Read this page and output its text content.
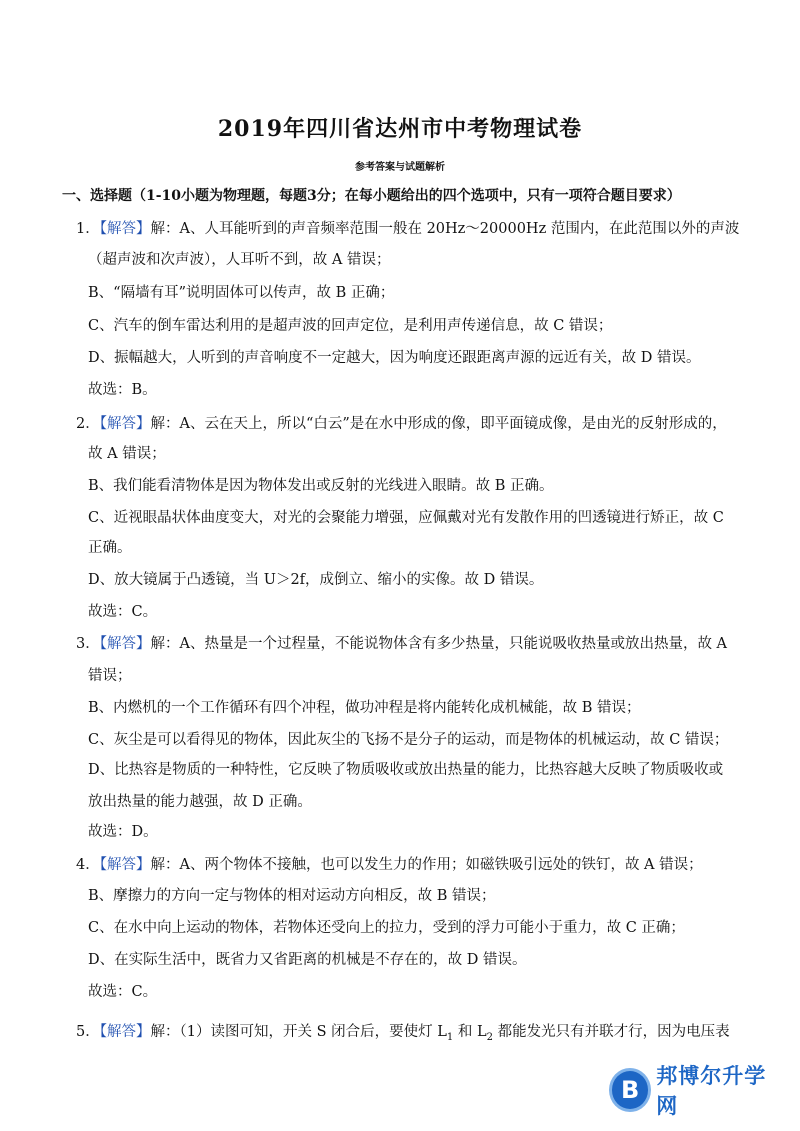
2019年四川省达州市中考物理试卷
参考答案与试题解析
一、选择题（1-10小题为物理题，每题3分；在每小题给出的四个选项中，只有一项符合题目要求）
1．【解答】解：A、人耳能听到的声音频率范围一般在 20Hz～20000Hz 范围内，在此范围以外的声波
（超声波和次声波），人耳听不到，故 A 错误；
B、“隔墙有耳”说明固体可以传声，故 B 正确；
C、汽车的倒车雷达利用的是超声波的回声定位，是利用声传递信息，故 C 错误；
D、振幅越大，人听到的声音响度不一定越大，因为响度还跟距离声源的远近有关，故 D 错误。
故选：B。
2．【解答】解：A、云在天上，所以“白云”是在水中形成的像，即平面镜成像，是由光的反射形成的，
故 A 错误；
B、我们能看清物体是因为物体发出或反射的光线进入眼睛。故 B 正确。
C、近视眼晶状体曲度变大，对光的会聚能力增强，应佩戴对光有发散作用的凹透镜进行矫正，故 C
正确。
D、放大镜属于凸透镜，当 U＞2f，成倒立、缩小的实像。故 D 错误。
故选：C。
3．【解答】解：A、热量是一个过程量，不能说物体含有多少热量，只能说吸收热量或放出热量，故 A
错误；
B、内燃机的一个工作循环有四个冲程，做功冲程是将内能转化成机械能，故 B 错误；
C、灰尘是可以看得见的物体，因此灰尘的飞扬不是分子的运动，而是物体的机械运动，故 C 错误；
D、比热容是物质的一种特性，它反映了物质吸收或放出热量的能力，比热容越大反映了物质吸收或
放出热量的能力越强，故 D 正确。
故选：D。
4．【解答】解：A、两个物体不接触，也可以发生力的作用；如磁铁吸引远处的铁钉，故 A 错误；
B、摩擦力的方向一定与物体的相对运动方向相反，故 B 错误；
C、在水中向上运动的物体，若物体还受向上的拉力，受到的浮力可能小于重力，故 C 正确；
D、在实际生活中，既省力又省距离的机械是不存在的，故 D 错误。
故选：C。
5．【解答】解：（1）读图可知，开关 S 闭合后，要使灯 $L_1$ 和 $L_2$ 都能发光只有并联才行，因为电压表
B 邦博尔升学网
